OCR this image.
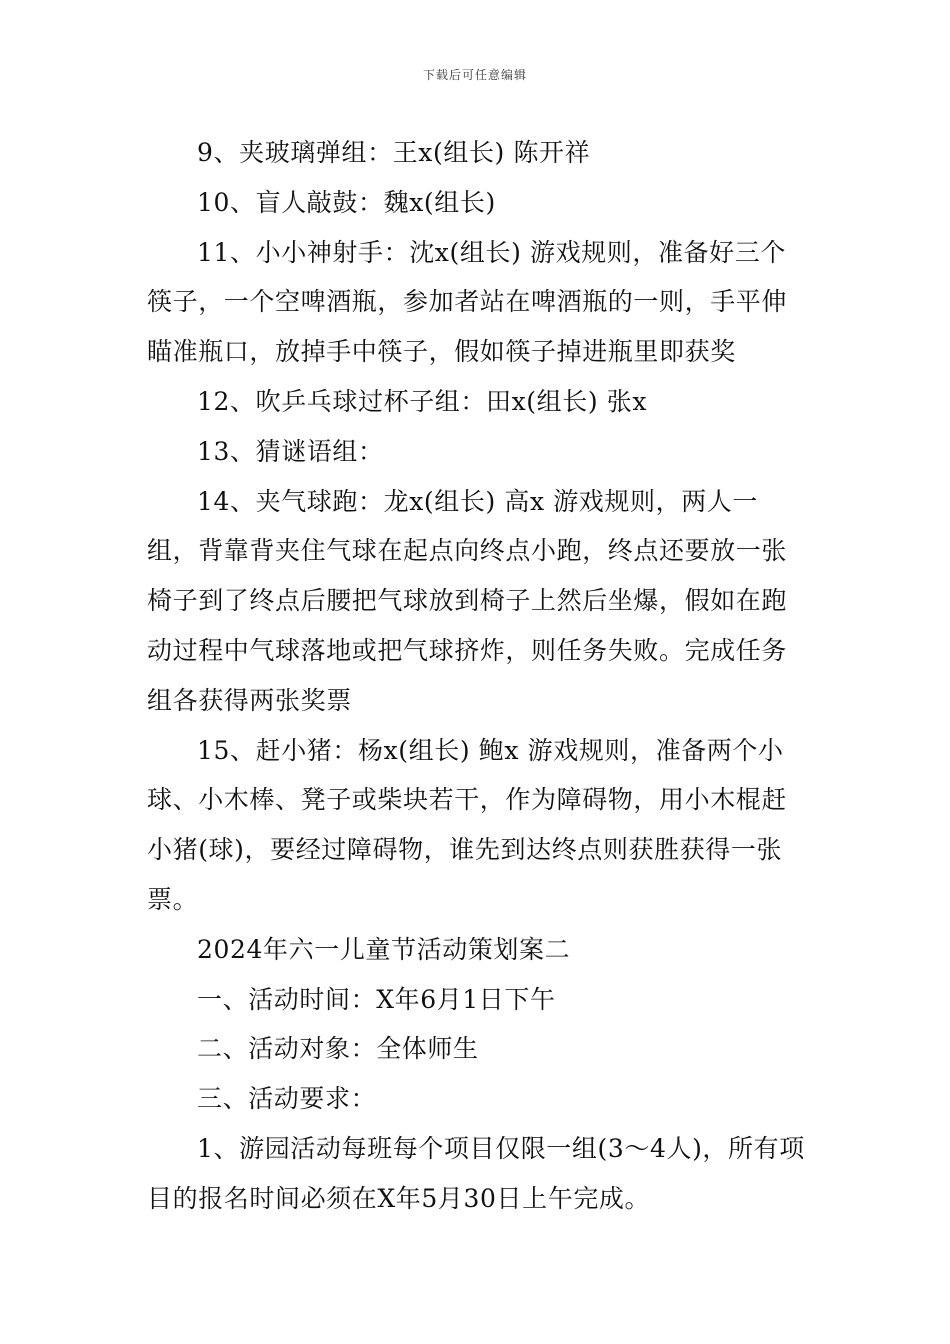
下载后可任意编辑

9、夹玻璃弹组：王x(组长) 陈开祥

10、盲人敲鼓：魏x(组长)

11、小小神射手：沈x(组长) 游戏规则，准备好三个筷子，一个空啤酒瓶，参加者站在啤酒瓶的一则，手平伸瞄准瓶口，放掉手中筷子，假如筷子掉进瓶里即获奖

12、吹乒乓球过杯子组：田x(组长) 张x

13、猜谜语组：

14、夹气球跑：龙x(组长) 高x 游戏规则，两人一组，背靠背夹住气球在起点向终点小跑，终点还要放一张椅子到了终点后腰把气球放到椅子上然后坐爆，假如在跑动过程中气球落地或把气球挤炸，则任务失败。完成任务组各获得两张奖票

15、赶小猪：杨x(组长) 鲍x 游戏规则，准备两个小球、小木棒、凳子或柴块若干，作为障碍物，用小木棍赶小猪(球)，要经过障碍物，谁先到达终点则获胜获得一张票。

2024年六一儿童节活动策划案二

一、活动时间：X年6月1日下午

二、活动对象：全体师生

三、活动要求：

1、游园活动每班每个项目仅限一组(3～4人)，所有项目的报名时间必须在X年5月30日上午完成。
